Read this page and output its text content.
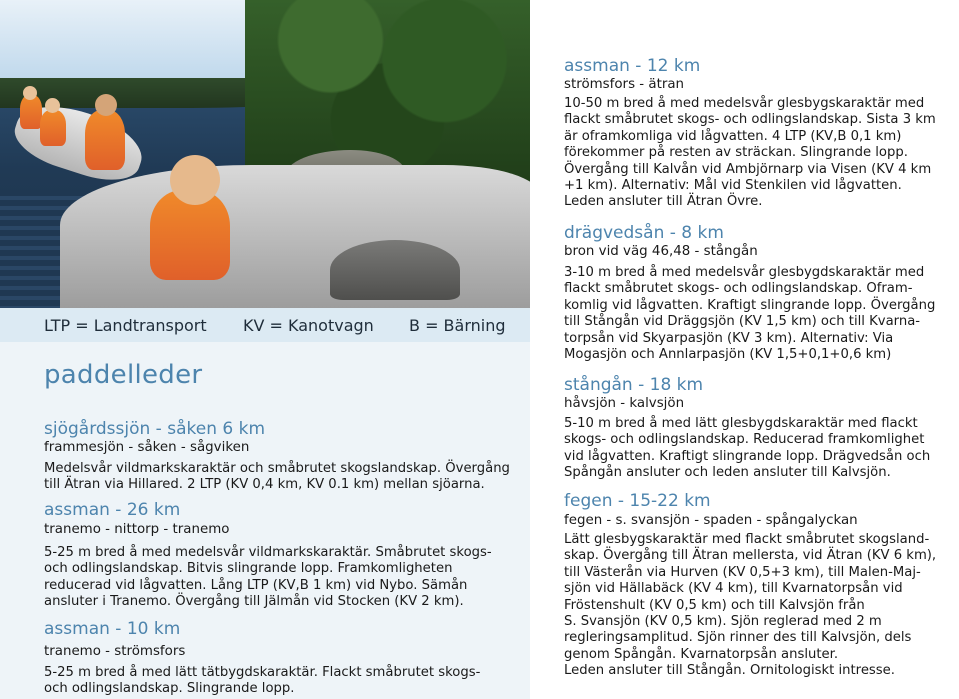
LTP = Landtransport KV = Kanotvagn B = Bärning
paddelleder
sjögårdssjön - såken 6 km
frammesjön - såken - sågviken
Medelsvår vildmarkskaraktär och småbrutet skogslandskap. Övergång
till Ätran via Hillared. 2 LTP (KV 0,4 km, KV 0.1 km) mellan sjöarna.
assman - 26 km
tranemo - nittorp - tranemo
5-25 m bred å med medelsvår vildmarkskaraktär. Småbrutet skogs-
och odlingslandskap. Bitvis slingrande lopp. Framkomligheten
reducerad vid lågvatten. Lång LTP (KV,B 1 km) vid Nybo. Sämån
ansluter i Tranemo. Övergång till Jälmån vid Stocken (KV 2 km).
assman - 10 km
tranemo - strömsfors
5-25 m bred å med lätt tätbygdskaraktär. Flackt småbrutet skogs-
och odlingslandskap. Slingrande lopp.
assman - 12 km
strömsfors - ätran
10-50 m bred å med medelsvår glesbygskaraktär med
flackt småbrutet skogs- och odlingslandskap. Sista 3 km
är oframkomliga vid lågvatten. 4 LTP (KV,B 0,1 km)
förekommer på resten av sträckan. Slingrande lopp.
Övergång till Kalvån vid Ambjörnarp via Visen (KV 4 km
+1 km). Alternativ: Mål vid Stenkilen vid lågvatten.
Leden ansluter till Ätran Övre.
drägvedsån - 8 km
bron vid väg 46,48 - stångån
3-10 m bred å med medelsvår glesbygdskaraktär med
flackt småbrutet skogs- och odlingslandskap. Ofram-
komlig vid lågvatten. Kraftigt slingrande lopp. Övergång
till Stångån vid Dräggsjön (KV 1,5 km) och till Kvarna-
torpsån vid Skyarpasjön (KV 3 km). Alternativ: Via
Mogasjön och Annlarpasjön (KV 1,5+0,1+0,6 km)
stångån - 18 km
håvsjön - kalvsjön
5-10 m bred å med lätt glesbygdskaraktär med flackt
skogs- och odlingslandskap. Reducerad framkomlighet
vid lågvatten. Kraftigt slingrande lopp. Drägvedsån och
Spångån ansluter och leden ansluter till Kalvsjön.
fegen - 15-22 km
fegen - s. svansjön - spaden - spångalyckan
Lätt glesbygskaraktär med flackt småbrutet skogsland-
skap. Övergång till Ätran mellersta, vid Ätran (KV 6 km),
till Västerån via Hurven (KV 0,5+3 km), till Malen-Maj-
sjön vid Hällabäck (KV 4 km), till Kvarnatorpsån vid
Fröstenshult (KV 0,5 km) och till Kalvsjön från
S. Svansjön (KV 0,5 km). Sjön reglerad med 2 m
regleringsamplitud. Sjön rinner des till Kalvsjön, dels
genom Spångån. Kvarnatorpsån ansluter.
Leden ansluter till Stångån. Ornitologiskt intresse.
